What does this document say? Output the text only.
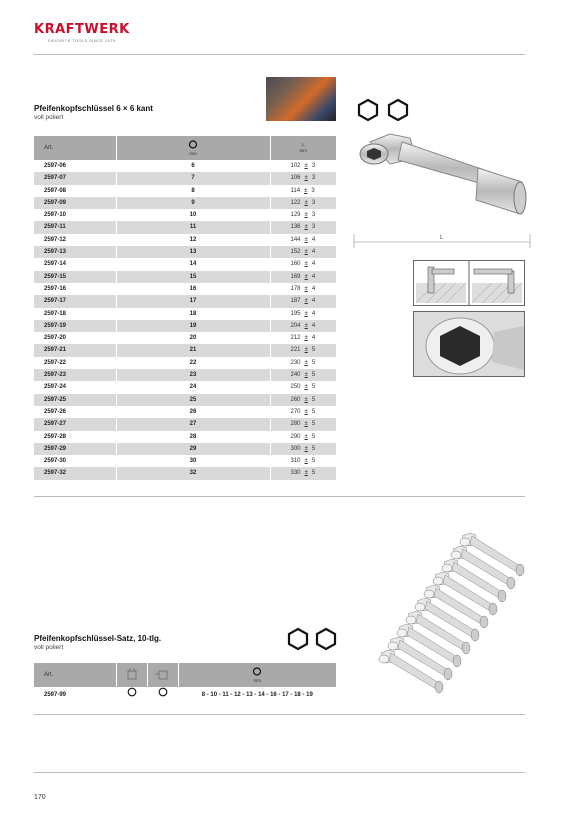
KRAFTWERK
FAVORITE TOOLS SINCE 1979
Pfeifenkopfschlüssel 6 × 6 kant
voll poliert
Art.	mm	L
mm

2597-06	6	102 ± 3
2597-07	7	106 ± 3
2597-08	8	114 ± 3
2597-09	9	122 ± 3
2597-10	10	129 ± 3
2597-11	11	136 ± 3
2597-12	12	144 ± 4
2597-13	13	152 ± 4
2597-14	14	160 ± 4
2597-15	15	169 ± 4
2597-16	16	178 ± 4
2597-17	17	187 ± 4
2597-18	18	195 ± 4
2597-19	19	204 ± 4
2597-20	20	212 ± 4
2597-21	21	221 ± 5
2597-22	22	230 ± 5
2597-23	23	240 ± 5
2597-24	24	250 ± 5
2597-25	25	260 ± 5
2597-26	26	270 ± 5
2597-27	27	280 ± 5
2597-28	28	290 ± 5
2597-29	29	300 ± 5
2597-30	30	310 ± 5
2597-32	32	330 ± 5
L
Pfeifenkopfschlüssel-Satz, 10-tlg.
voll poliert
Art.			mm

2597-99			8 - 10 - 11 - 12 - 13 - 14 - 16 - 17 - 18 - 19
170
